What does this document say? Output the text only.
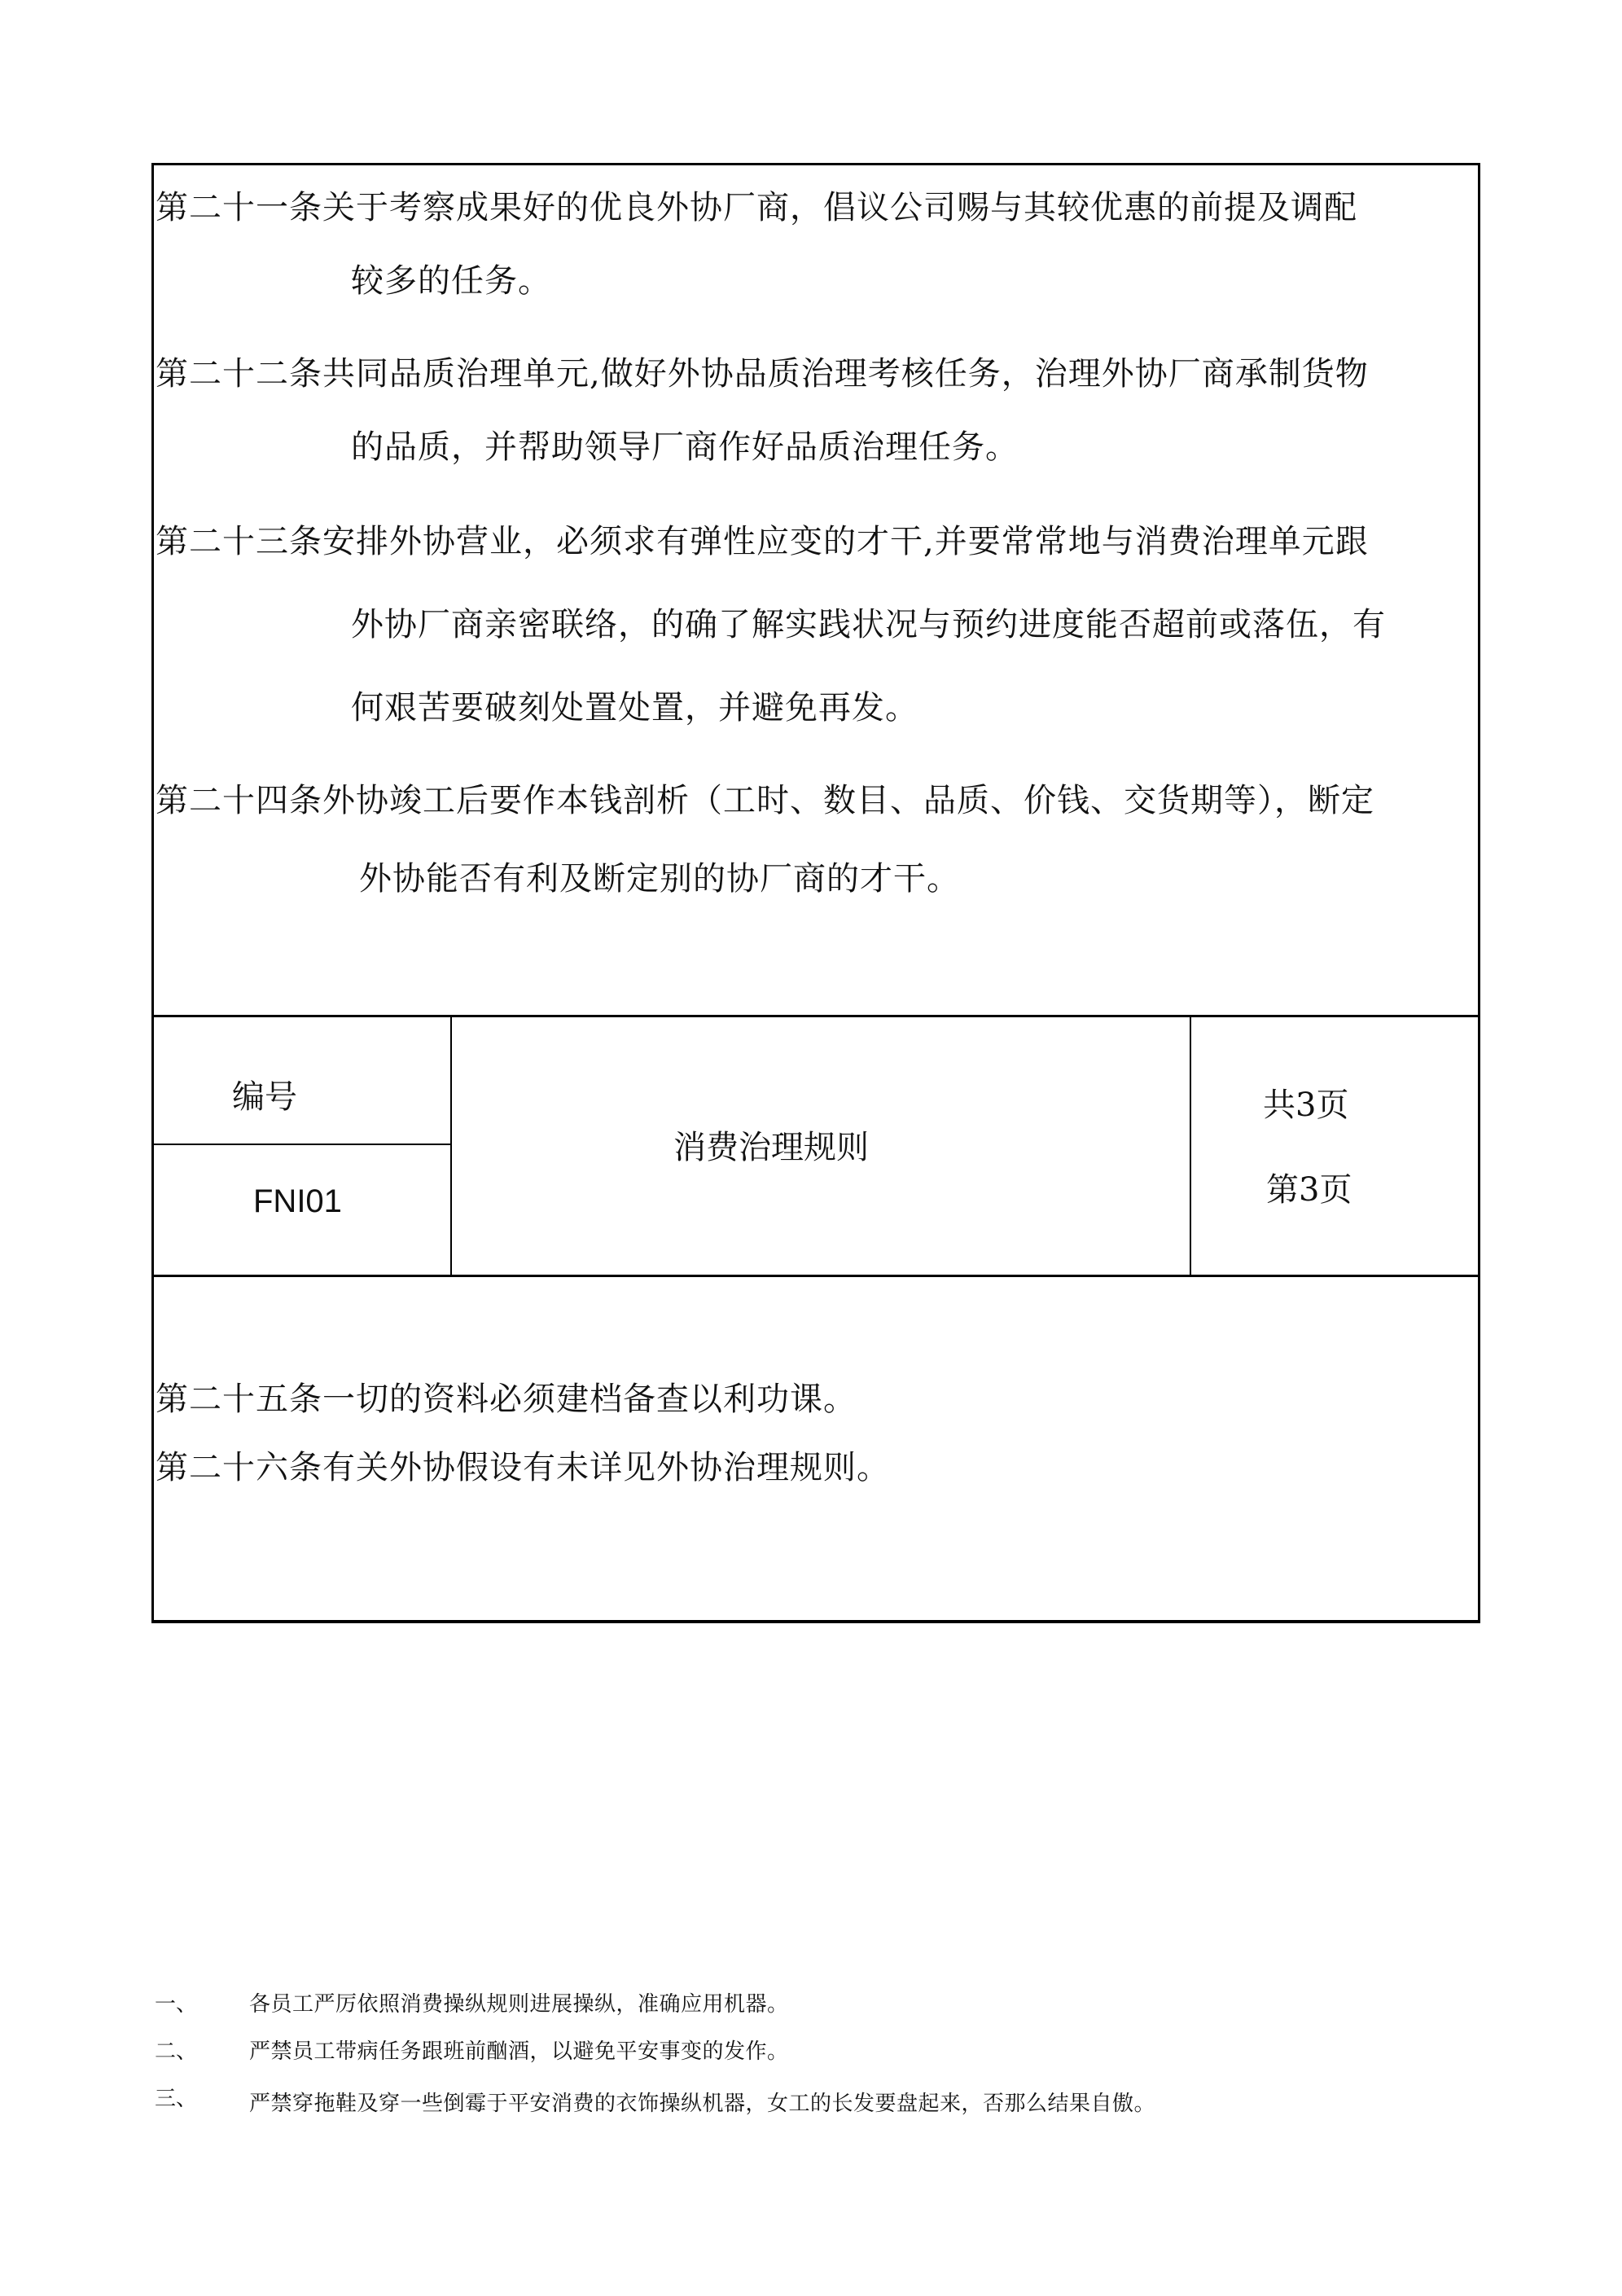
第二十一条关于考察成果好的优良外协厂商，倡议公司赐与其较优惠的前提及调配
较多的任务。
第二十二条共同品质治理单元,做好外协品质治理考核任务，治理外协厂商承制货物
的品质，并帮助领导厂商作好品质治理任务。
第二十三条安排外协营业，必须求有弹性应变的才干,并要常常地与消费治理单元跟
外协厂商亲密联络，的确了解实践状况与预约进度能否超前或落伍，有
何艰苦要破刻处置处置，并避免再发。
第二十四条外协竣工后要作本钱剖析（工时、数目、品质、价钱、交货期等），断定
外协能否有利及断定别的协厂商的才干。
编号
FNI01
消费治理规则
共3页
第3页
第二十五条一切的资料必须建档备查以利功课。
第二十六条有关外协假设有未详见外协治理规则。
一、 各员工严厉依照消费操纵规则进展操纵，准确应用机器。
二、 严禁员工带病任务跟班前酗酒，以避免平安事变的发作。
三、 严禁穿拖鞋及穿一些倒霉于平安消费的衣饰操纵机器，女工的长发要盘起来，否那么结果自傲。
